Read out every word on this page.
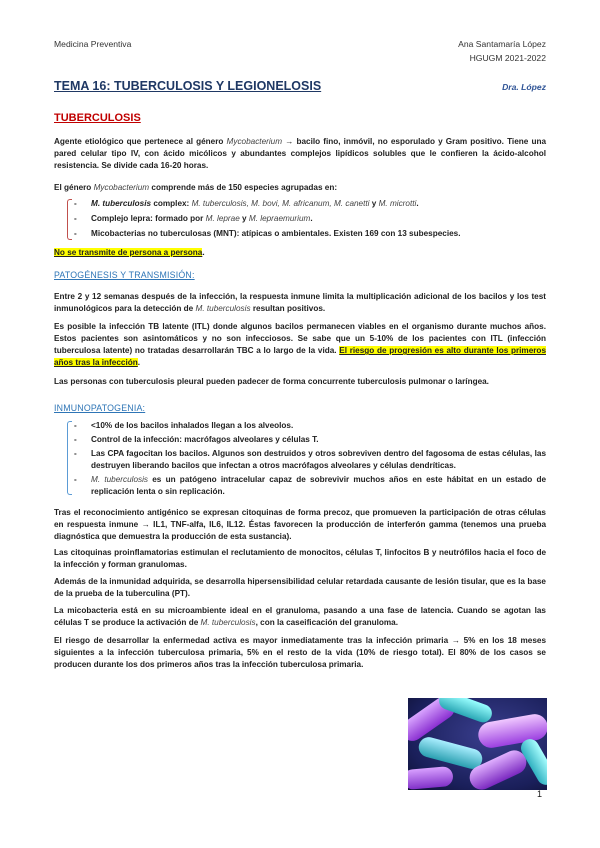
Medicina Preventiva	Ana Santamaría López
HGUGM 2021-2022
TEMA 16: TUBERCULOSIS Y LEGIONELOSIS	Dra. López
TUBERCULOSIS
Agente etiológico que pertenece al género Mycobacterium → bacilo fino, inmóvil, no esporulado y Gram positivo. Tiene una pared celular tipo IV, con ácido micólicos y abundantes complejos lipídicos solubles que le confieren la ácido-alcohol resistencia. Se divide cada 16-20 horas.
El género Mycobacterium comprende más de 150 especies agrupadas en:
- M. tuberculosis complex: M. tuberculosis, M. bovi, M. africanum, M. canetti y M. microtti.
- Complejo lepra: formado por M. leprae y M. lepraemurium.
- Micobacterias no tuberculosas (MNT): atípicas o ambientales. Existen 169 con 13 subespecies.
No se transmite de persona a persona.
PATOGÉNESIS Y TRANSMISIÓN:
Entre 2 y 12 semanas después de la infección, la respuesta inmune limita la multiplicación adicional de los bacilos y los test inmunológicos para la detección de M. tuberculosis resultan positivos.
Es posible la infección TB latente (ITL) donde algunos bacilos permanecen viables en el organismo durante muchos años. Estos pacientes son asintomáticos y no son infecciosos. Se sabe que un 5-10% de los pacientes con ITL (infección tuberculosa latente) no tratadas desarrollarán TBC a lo largo de la vida. El riesgo de progresión es alto durante los primeros años tras la infección.
Las personas con tuberculosis pleural pueden padecer de forma concurrente tuberculosis pulmonar o laríngea.
INMUNOPATOGENIA:
- <10% de los bacilos inhalados llegan a los alveolos.
- Control de la infección: macrófagos alveolares y células T.
- Las CPA fagocitan los bacilos. Algunos son destruidos y otros sobreviven dentro del fagosoma de estas células, las destruyen liberando bacilos que infectan a otros macrófagos alveolares y células dendríticas.
- M. tuberculosis es un patógeno intracelular capaz de sobrevivir muchos años en este hábitat en un estado de replicación lenta o sin replicación.
Tras el reconocimiento antigénico se expresan citoquinas de forma precoz, que promueven la participación de otras células en respuesta inmune → IL1, TNF-alfa, IL6, IL12. Éstas favorecen la producción de interferón gamma (tenemos una prueba diagnóstica que demuestra la producción de esta sustancia).
Las citoquinas proinflamatorias estimulan el reclutamiento de monocitos, células T, linfocitos B y neutrófilos hacia el foco de la infección y forman granulomas.
Además de la inmunidad adquirida, se desarrolla hipersensibilidad celular retardada causante de lesión tisular, que es la base de la prueba de la tuberculina (PT).
La micobacteria está en su microambiente ideal en el granuloma, pasando a una fase de latencia. Cuando se agotan las células T se produce la activación de M. tuberculosis, con la caseificación del granuloma.
El riesgo de desarrollar la enfermedad activa es mayor inmediatamente tras la infección primaria → 5% en los 18 meses siguientes a la infección tuberculosa primaria, 5% en el resto de la vida (10% de riesgo total). El 80% de los casos se producen durante los dos primeros años tras la infección tuberculosa primaria.
1
